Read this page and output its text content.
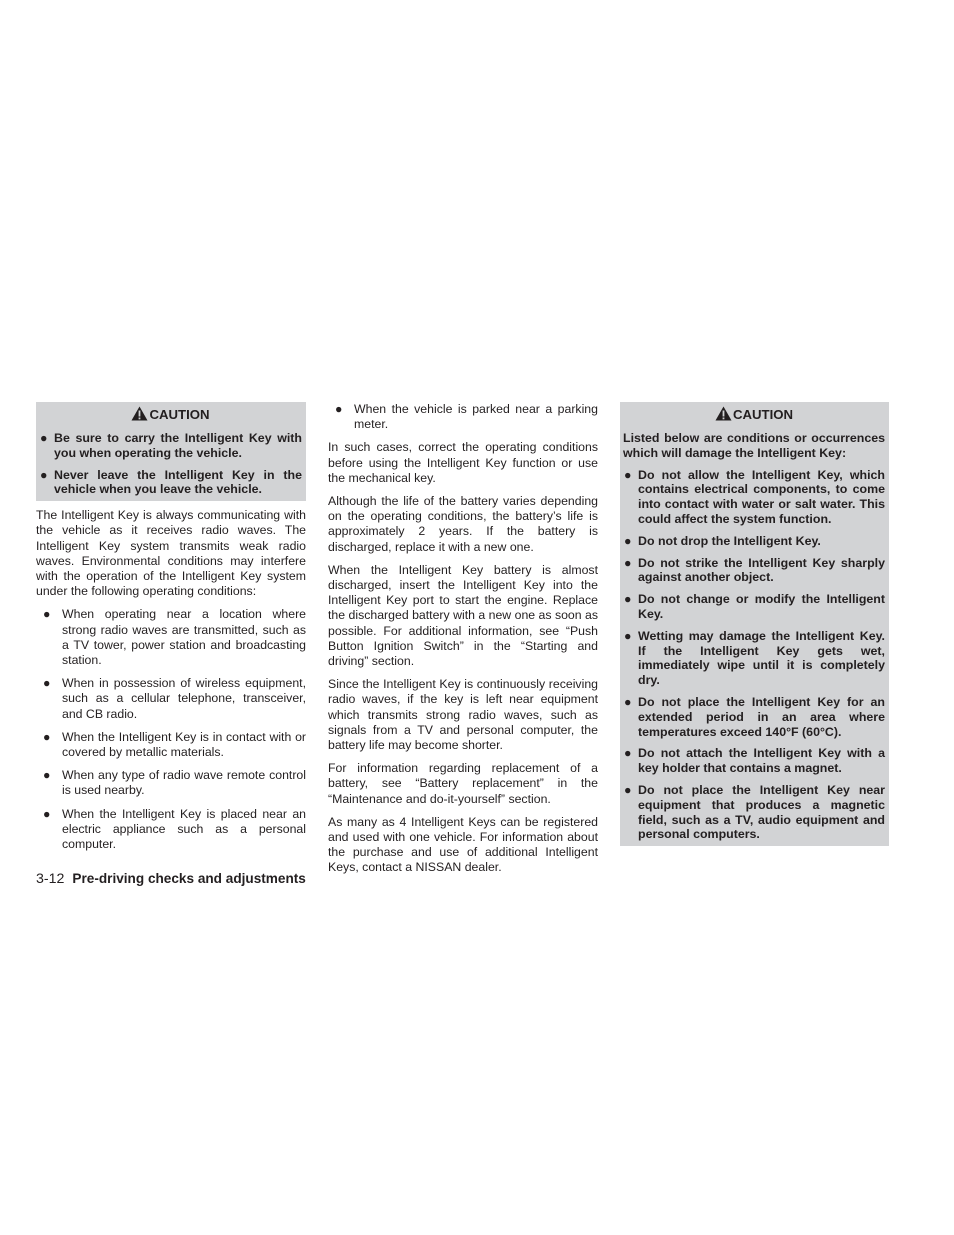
CAUTION
● Be sure to carry the Intelligent Key with you when operating the vehicle.
● Never leave the Intelligent Key in the vehicle when you leave the vehicle.

The Intelligent Key is always communicating with the vehicle as it receives radio waves. The Intelligent Key system transmits weak radio waves. Environmental conditions may interfere with the operation of the Intelligent Key system under the following operating conditions:

● When operating near a location where strong radio waves are transmitted, such as a TV tower, power station and broadcasting station.
● When in possession of wireless equipment, such as a cellular telephone, transceiver, and CB radio.
● When the Intelligent Key is in contact with or covered by metallic materials.
● When any type of radio wave remote control is used nearby.
● When the Intelligent Key is placed near an electric appliance such as a personal computer.
● When the vehicle is parked near a parking meter.

In such cases, correct the operating conditions before using the Intelligent Key function or use the mechanical key.

Although the life of the battery varies depending on the operating conditions, the battery’s life is approximately 2 years. If the battery is discharged, replace it with a new one.

When the Intelligent Key battery is almost discharged, insert the Intelligent Key into the Intelligent Key port to start the engine. Replace the discharged battery with a new one as soon as possible. For additional information, see “Push Button Ignition Switch” in the “Starting and driving” section.

Since the Intelligent Key is continuously receiving radio waves, if the key is left near equipment which transmits strong radio waves, such as signals from a TV and personal computer, the battery life may become shorter.

For information regarding replacement of a battery, see “Battery replacement” in the “Maintenance and do-it-yourself” section.

As many as 4 Intelligent Keys can be registered and used with one vehicle. For information about the purchase and use of additional Intelligent Keys, contact a NISSAN dealer.

CAUTION

Listed below are conditions or occurrences which will damage the Intelligent Key:

● Do not allow the Intelligent Key, which contains electrical components, to come into contact with water or salt water. This could affect the system function.
● Do not drop the Intelligent Key.
● Do not strike the Intelligent Key sharply against another object.
● Do not change or modify the Intelligent Key.
● Wetting may damage the Intelligent Key. If the Intelligent Key gets wet, immediately wipe until it is completely dry.
● Do not place the Intelligent Key for an extended period in an area where temperatures exceed 140°F (60°C).
● Do not attach the Intelligent Key with a key holder that contains a magnet.
● Do not place the Intelligent Key near equipment that produces a magnetic field, such as a TV, audio equipment and personal computers.
3-12 Pre-driving checks and adjustments
